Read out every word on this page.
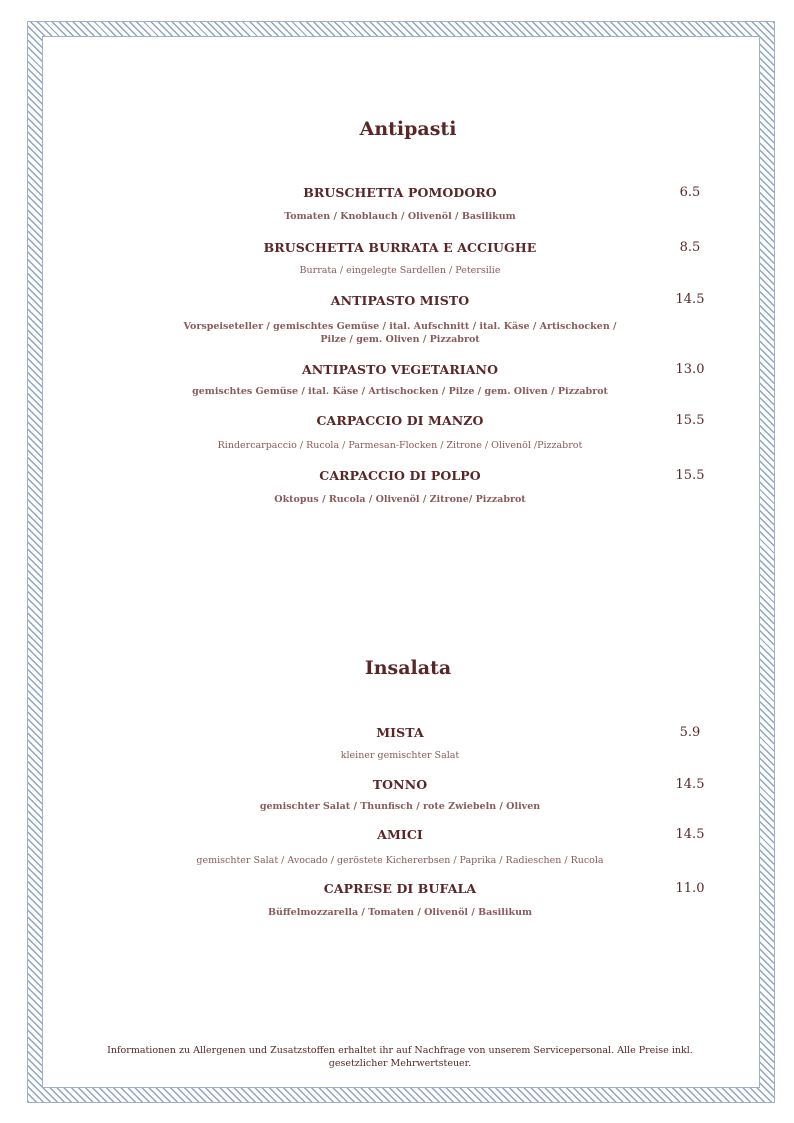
Antipasti

BRUSCHETTA POMODORO	6.5

Tomaten / Knoblauch / Olivenöl / Basilikum

BRUSCHETTA BURRATA E ACCIUGHE	8.5

Burrata / eingelegte Sardellen / Petersilie

ANTIPASTO MISTO	14.5

Vorspeiseteller / gemischtes Gemüse / ital. Aufschnitt / ital. Käse / Artischocken / Pilze / gem. Oliven / Pizzabrot

ANTIPASTO VEGETARIANO	13.0

gemischtes Gemüse / ital. Käse / Artischocken / Pilze / gem. Oliven / Pizzabrot

CARPACCIO DI MANZO	15.5

Rindercarpaccio / Rucola / Parmesan-Flocken / Zitrone / Olivenöl /Pizzabrot

CARPACCIO DI POLPO	15.5

Oktopus / Rucola / Olivenöl / Zitrone/ Pizzabrot

Insalata

MISTA	5.9

kleiner gemischter Salat

TONNO	14.5

gemischter Salat / Thunfisch / rote Zwiebeln / Oliven

AMICI	14.5

gemischter Salat / Avocado / geröstete Kichererbsen / Paprika / Radieschen / Rucola

CAPRESE DI BUFALA	11.0

Büffelmozzarella / Tomaten / Olivenöl / Basilikum

Informationen zu Allergenen und Zusatzstoffen erhaltet ihr auf Nachfrage von unserem Servicepersonal. Alle Preise inkl. gesetzlicher Mehrwertsteuer.
